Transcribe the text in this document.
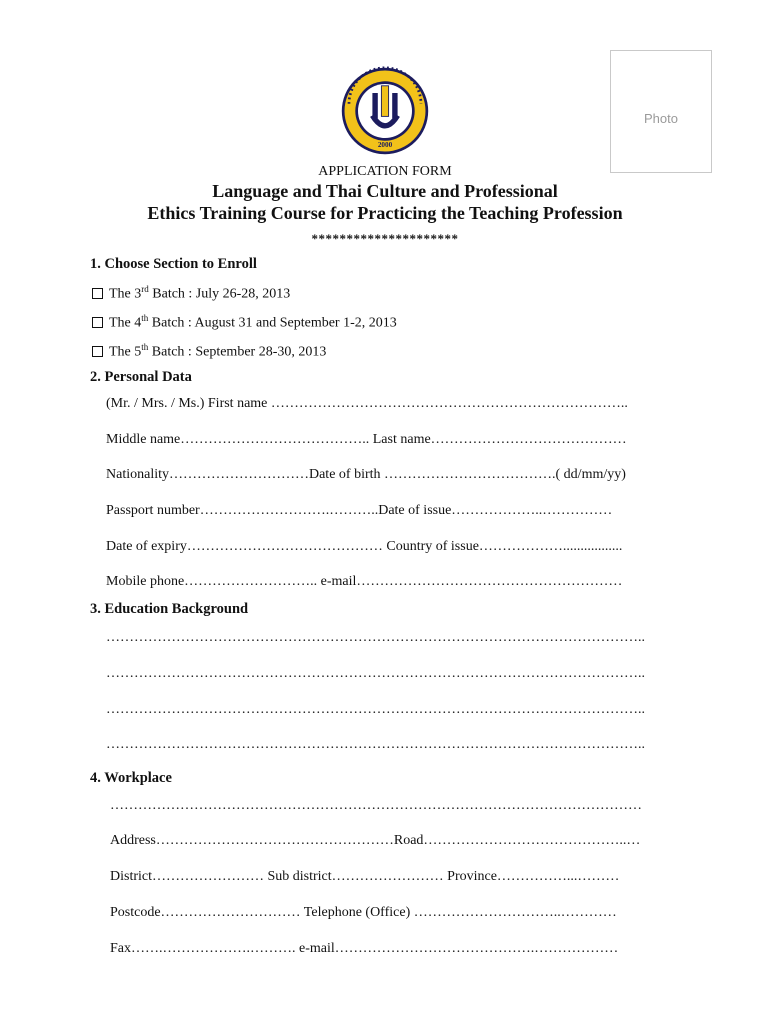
Photo
2000
APPLICATION FORM
Language and Thai Culture and Professional
Ethics Training Course for Practicing the Teaching Profession
*********************
1. Choose Section to Enroll
The 3rd Batch : July 26-28, 2013
The 4th Batch : August 31 and September 1-2, 2013
The 5th Batch : September 28-30, 2013
2. Personal Data
(Mr. / Mrs. / Ms.) First name …………………………………………………………………..
Middle name………………………………….. Last name……………………………………
Nationality…………………………Date of birth ……………………………….( dd/mm/yy)
Passport number……………………….………..Date of issue………………..……………
Date of expiry…………………………………… Country of issue……………….................
Mobile phone……………………….. e-mail…………………………………………………
3. Education Background
……………………………………………………………………………………………………..
……………………………………………………………………………………………………..
……………………………………………………………………………………………………..
……………………………………………………………………………………………………..
4. Workplace
……………………………………………………………………………………………………
Address……………………………………………Road……………………………………..…
District…………………… Sub district…………………… Province……………...………
Postcode………………………… Telephone (Office) …………………………..…………
Fax…….……………….………. e-mail…………………………………….………………
